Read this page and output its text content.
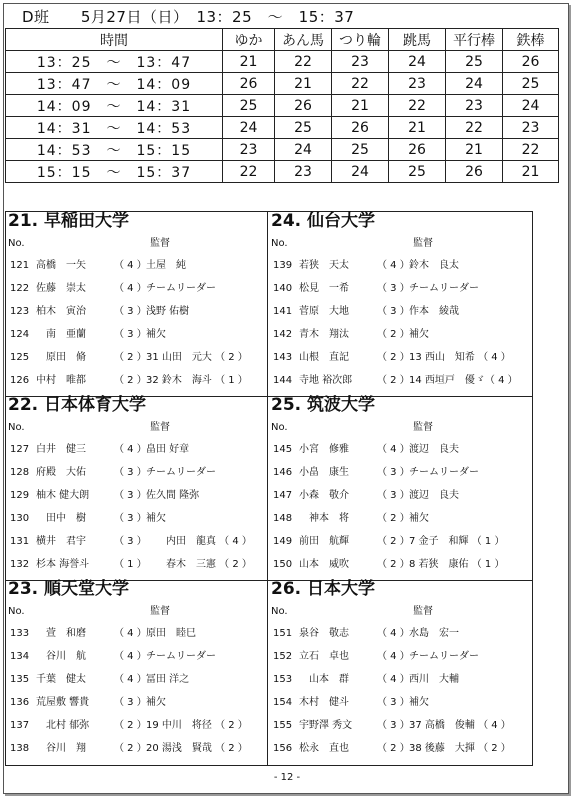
D班 5月27日（日）　13：25　～　15：37
時間	ゆか	あん馬	つり輪	跳馬	平行棒	鉄棒
13：25　～　13：47	21	22	23	24	25	26
13：47　～　14：09	26	21	22	23	24	25
14：09　～　14：31	25	26	21	22	23	24
14：31　～　14：53	24	25	26	21	22	23
14：53　～　15：15	23	24	25	26	21	22
15：15　～　15：37	22	23	24	25	26	21
21. 早稲田大学
No.	監督
121 高橋　一矢	（ 4 ） 土屋　純
122 佐藤　崇太	（ 4 ） チームリーダー
123 柏木　寅治	（ 3 ） 浅野 佑樹
124 　南　亜蘭	（ 3 ） 補欠
125 　原田　脩	（ 2 ） 31 山田　元大 （ 2 ）
126 中村　唯都	（ 2 ） 32 鈴木　海斗 （ 1 ）
24. 仙台大学
No.	監督
139 若狭　天太	（ 4 ） 鈴木　良太
140 松見　一希	（ 3 ） チームリーダー
141 菅原　大地	（ 3 ） 作本　綾哉
142 青木　翔汰	（ 2 ） 補欠
143 山根　直記	（ 2 ） 13 西山　知希 （ 4 ）
144 寺地 裕次郎 （ 2 ） 14 西垣戸　優ゞ（ 4 ）
22. 日本体育大学
No.	監督
127 白井　健三	（ 4 ） 畠田 好章
128 府殿　大佑	（ 3 ） チームリーダー
129 柚木 健大朗 （ 3 ） 佐久間 隆弥
130 　田中　樹	（ 3 ） 補欠
131 横井　君宇	（ 3 ） 　　内田　龍真 （ 4 ）
132 杉本 海誉斗 （ 1 ） 　　春木　三憲 （ 2 ）
25. 筑波大学
No.	監督
145 小宮　修雅	（ 4 ） 渡辺　良夫
146 小畠　康生	（ 3 ） チームリーダー
147 小森　敬介	（ 3 ） 渡辺　良夫
148 　神本　将	（ 2 ） 補欠
149 前田　航輝	（ 2 ） 7 金子　和輝 （ 1 ）
150 山本　威吹	（ 2 ） 8 若狭　康佑 （ 1 ）
23. 順天堂大学
No.	監督
133 　萱　和磨	（ 4 ） 原田　睦巳
134 　谷川　航	（ 4 ） チームリーダー
135 千葉　健太	（ 4 ） 冨田 洋之
136 荒屋敷 響貴 （ 3 ） 補欠
137 　北村 郁弥 （ 2 ） 19 中川　将径 （ 2 ）
138 　谷川　翔	（ 2 ） 20 湯浅　賢哉 （ 2 ）
26. 日本大学
No.	監督
151 泉谷　敬志	（ 4 ） 水島　宏一
152 立石　卓也	（ 4 ） チームリーダー
153 　山本　群	（ 4 ） 西川　大輔
154 木村　健斗	（ 3 ） 補欠
155 宇野澤 秀文 （ 3 ） 37 高橋　俊輔 （ 4 ）
156 松永　直也	（ 2 ） 38 後藤　大揮 （ 2 ）
- 12 -
